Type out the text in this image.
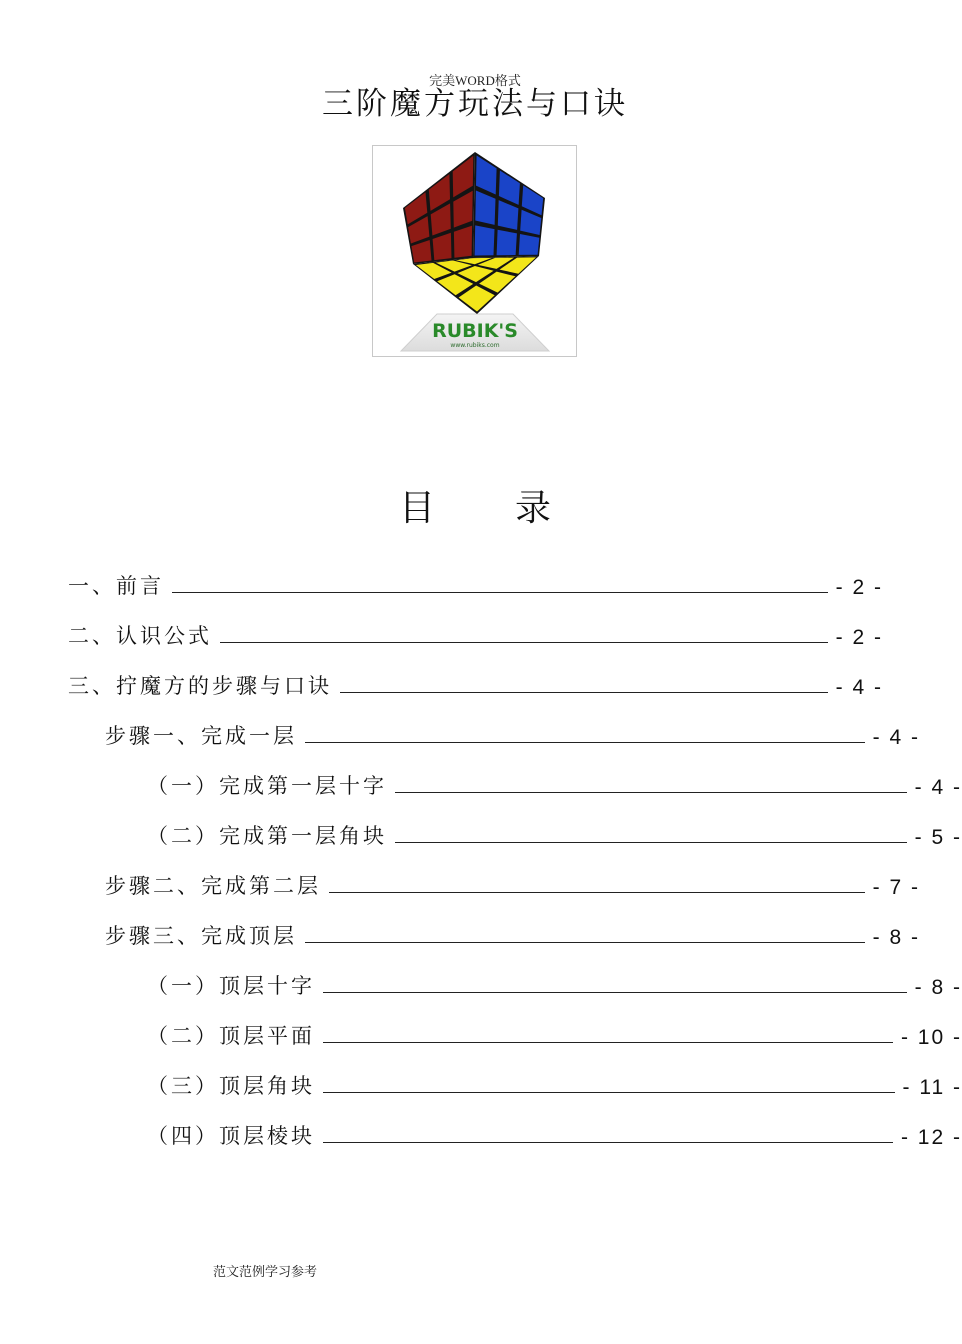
完美WORD格式
三阶魔方玩法与口诀
RUBIK'S
www.rubiks.com
目 录
一、前言	- 2 -
二、认识公式	- 2 -
三、拧魔方的步骤与口诀	- 4 -
步骤一、完成一层	- 4 -
（一）完成第一层十字	- 4 -
（二）完成第一层角块	- 5 -
步骤二、完成第二层	- 7 -
步骤三、完成顶层	- 8 -
（一）顶层十字	- 8 -
（二）顶层平面	- 10 -
（三）顶层角块	- 11 -
（四）顶层棱块	- 12 -
范文范例学习参考
